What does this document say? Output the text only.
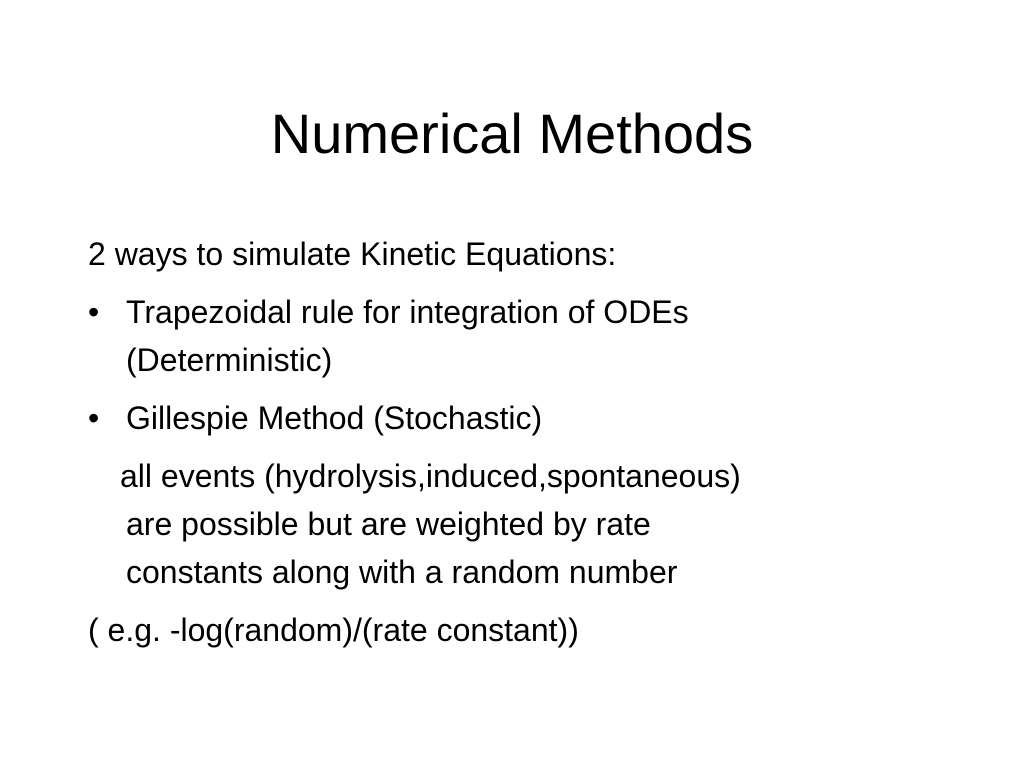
Numerical Methods
2 ways to simulate Kinetic Equations:
• Trapezoidal rule for integration of ODEs
(Deterministic)
• Gillespie Method (Stochastic)
all events (hydrolysis,induced,spontaneous)
are possible but are weighted by rate
constants along with a random number
( e.g. -log(random)/(rate constant))
